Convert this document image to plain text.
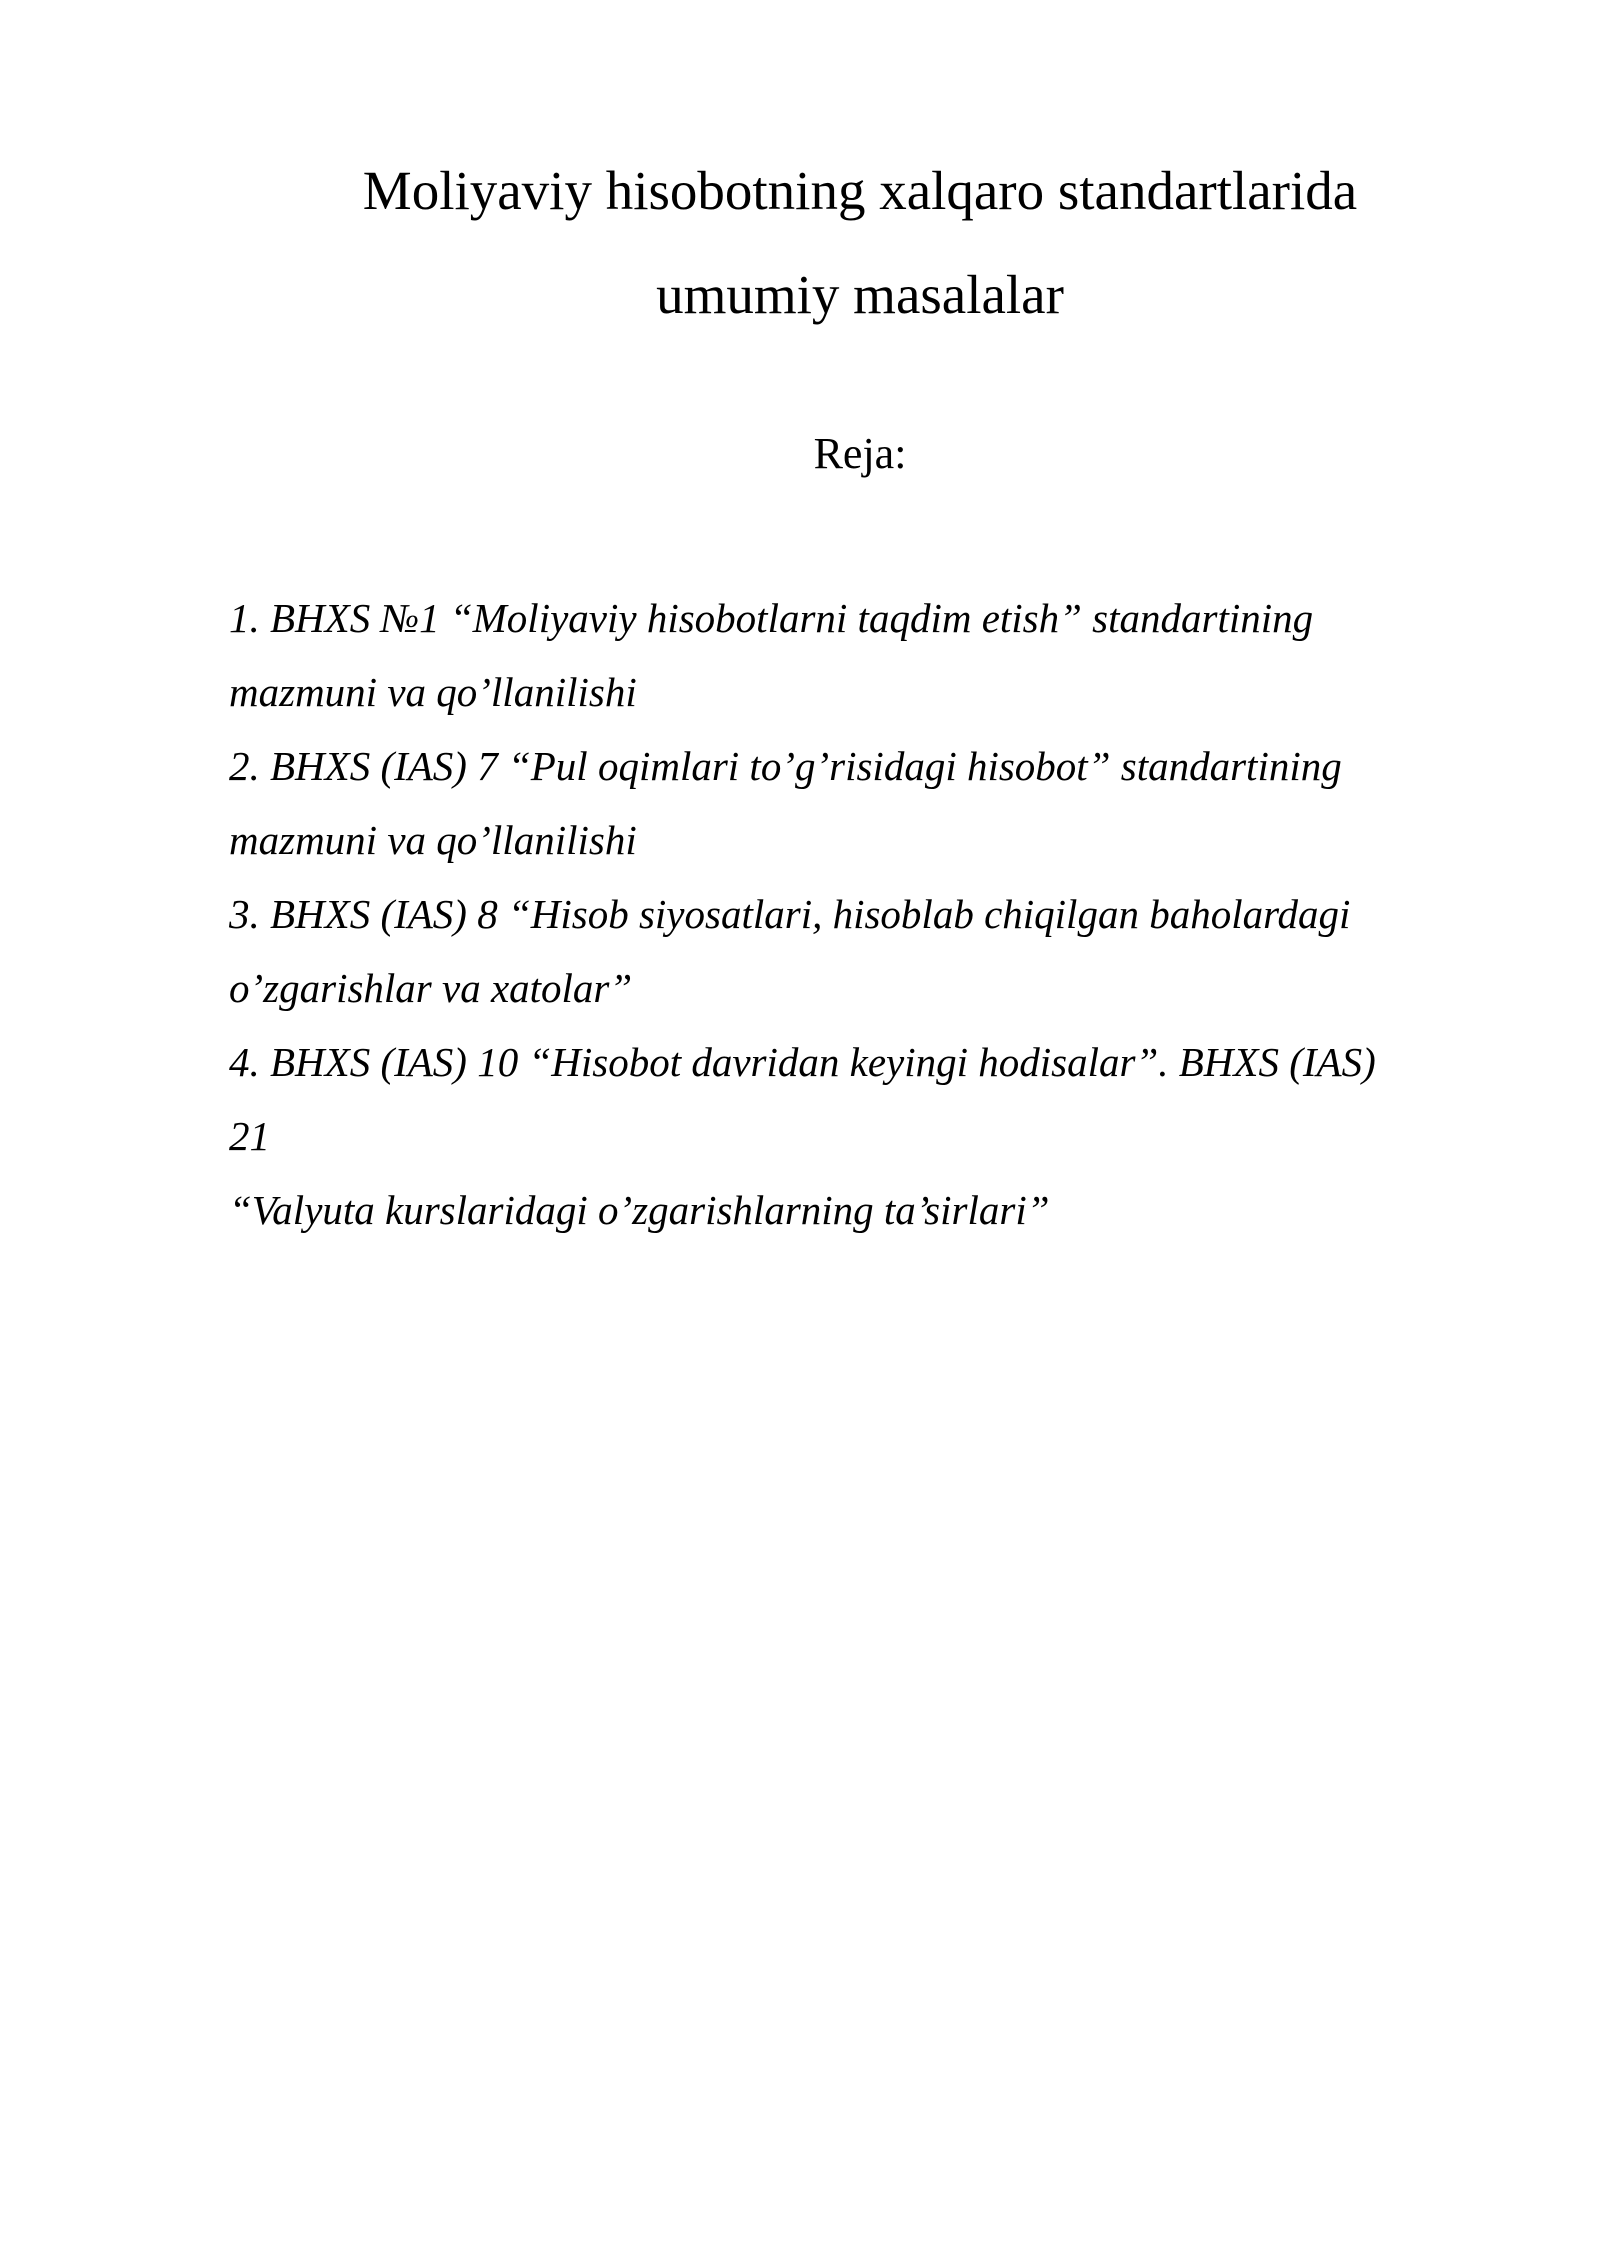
Moliyaviy hisobotning xalqaro standartlarida
umumiy masalalar
Reja:
1. BHXS №1 “Moliyaviy hisobotlarni taqdim etish” standartining
mazmuni va qo’llanilishi
2. BHXS (IAS) 7 “Pul oqimlari to’g’risidagi hisobot” standartining
mazmuni va qo’llanilishi
3. BHXS (IAS) 8 “Hisob siyosatlari, hisoblab chiqilgan baholardagi
o’zgarishlar va xatolar”
4. BHXS (IAS) 10 “Hisobot davridan keyingi hodisalar”. BHXS (IAS)
21
“Valyuta kurslaridagi o’zgarishlarning ta’sirlari”
